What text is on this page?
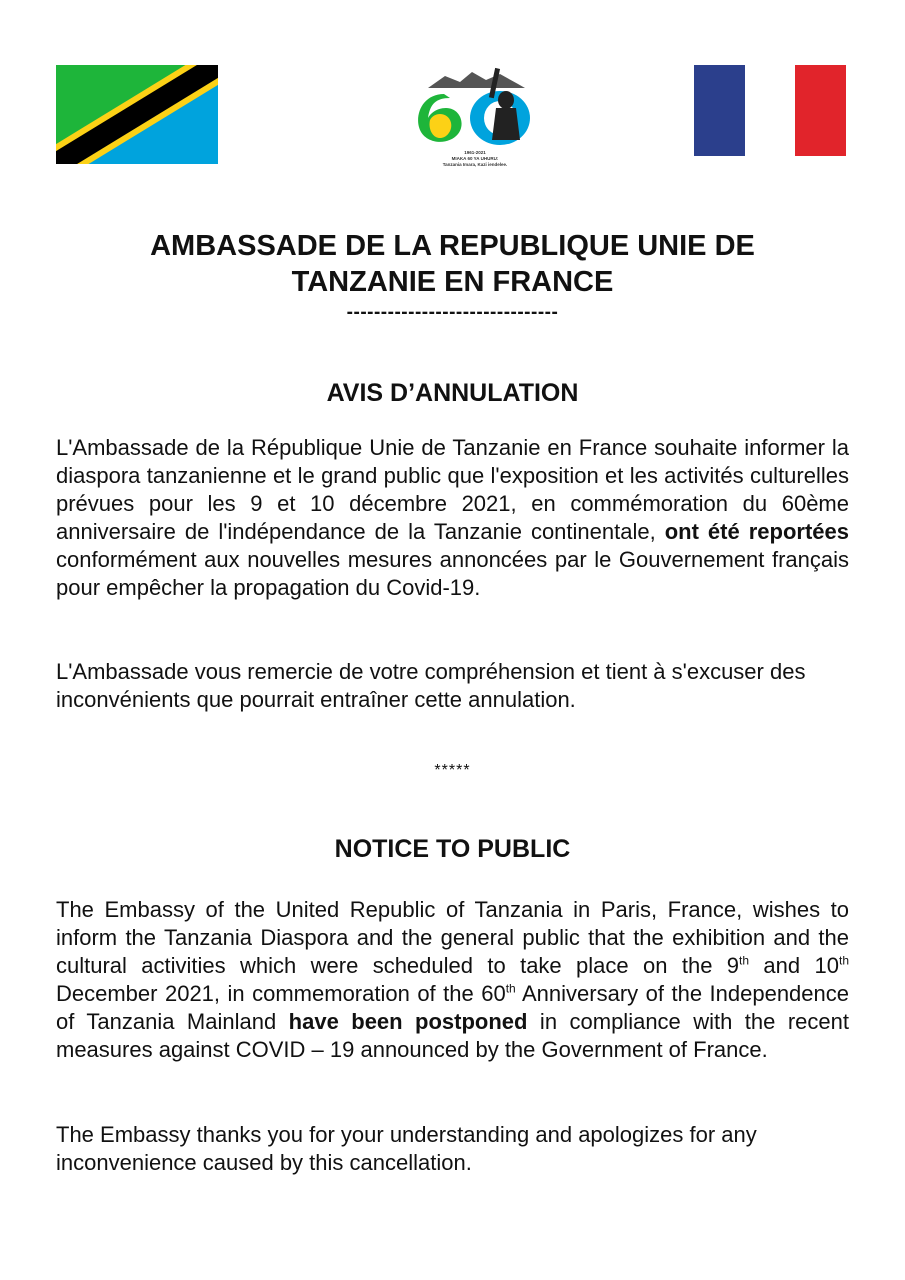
1961-2021

MIAKA 60 YA UHURU:

Tanzania Imara, Kazi iendelee.

AMBASSADE DE LA REPUBLIQUE UNIE DE
TANZANIE EN FRANCE
-------------------------------
AVIS D’ANNULATION

L'Ambassade de la République Unie de Tanzanie en France souhaite informer la diaspora tanzanienne et le grand public que l'exposition et les activités culturelles prévues pour les 9 et 10 décembre 2021, en commémoration du 60ème anniversaire de l'indépendance de la Tanzanie continentale, ont été reportées conformément aux nouvelles mesures annoncées par le Gouvernement français pour empêcher la propagation du Covid-19.

L'Ambassade vous remercie de votre compréhension et tient à s'excuser des inconvénients que pourrait entraîner cette annulation.

*****
NOTICE TO PUBLIC

The Embassy of the United Republic of Tanzania in Paris, France, wishes to inform the Tanzania Diaspora and the general public that the exhibition and the cultural activities which were scheduled to take place on the 9th and 10th December 2021, in commemoration of the 60th Anniversary of the Independence of Tanzania Mainland have been postponed in compliance with the recent measures against COVID – 19 announced by the Government of France.

The Embassy thanks you for your understanding and apologizes for any inconvenience caused by this cancellation.
